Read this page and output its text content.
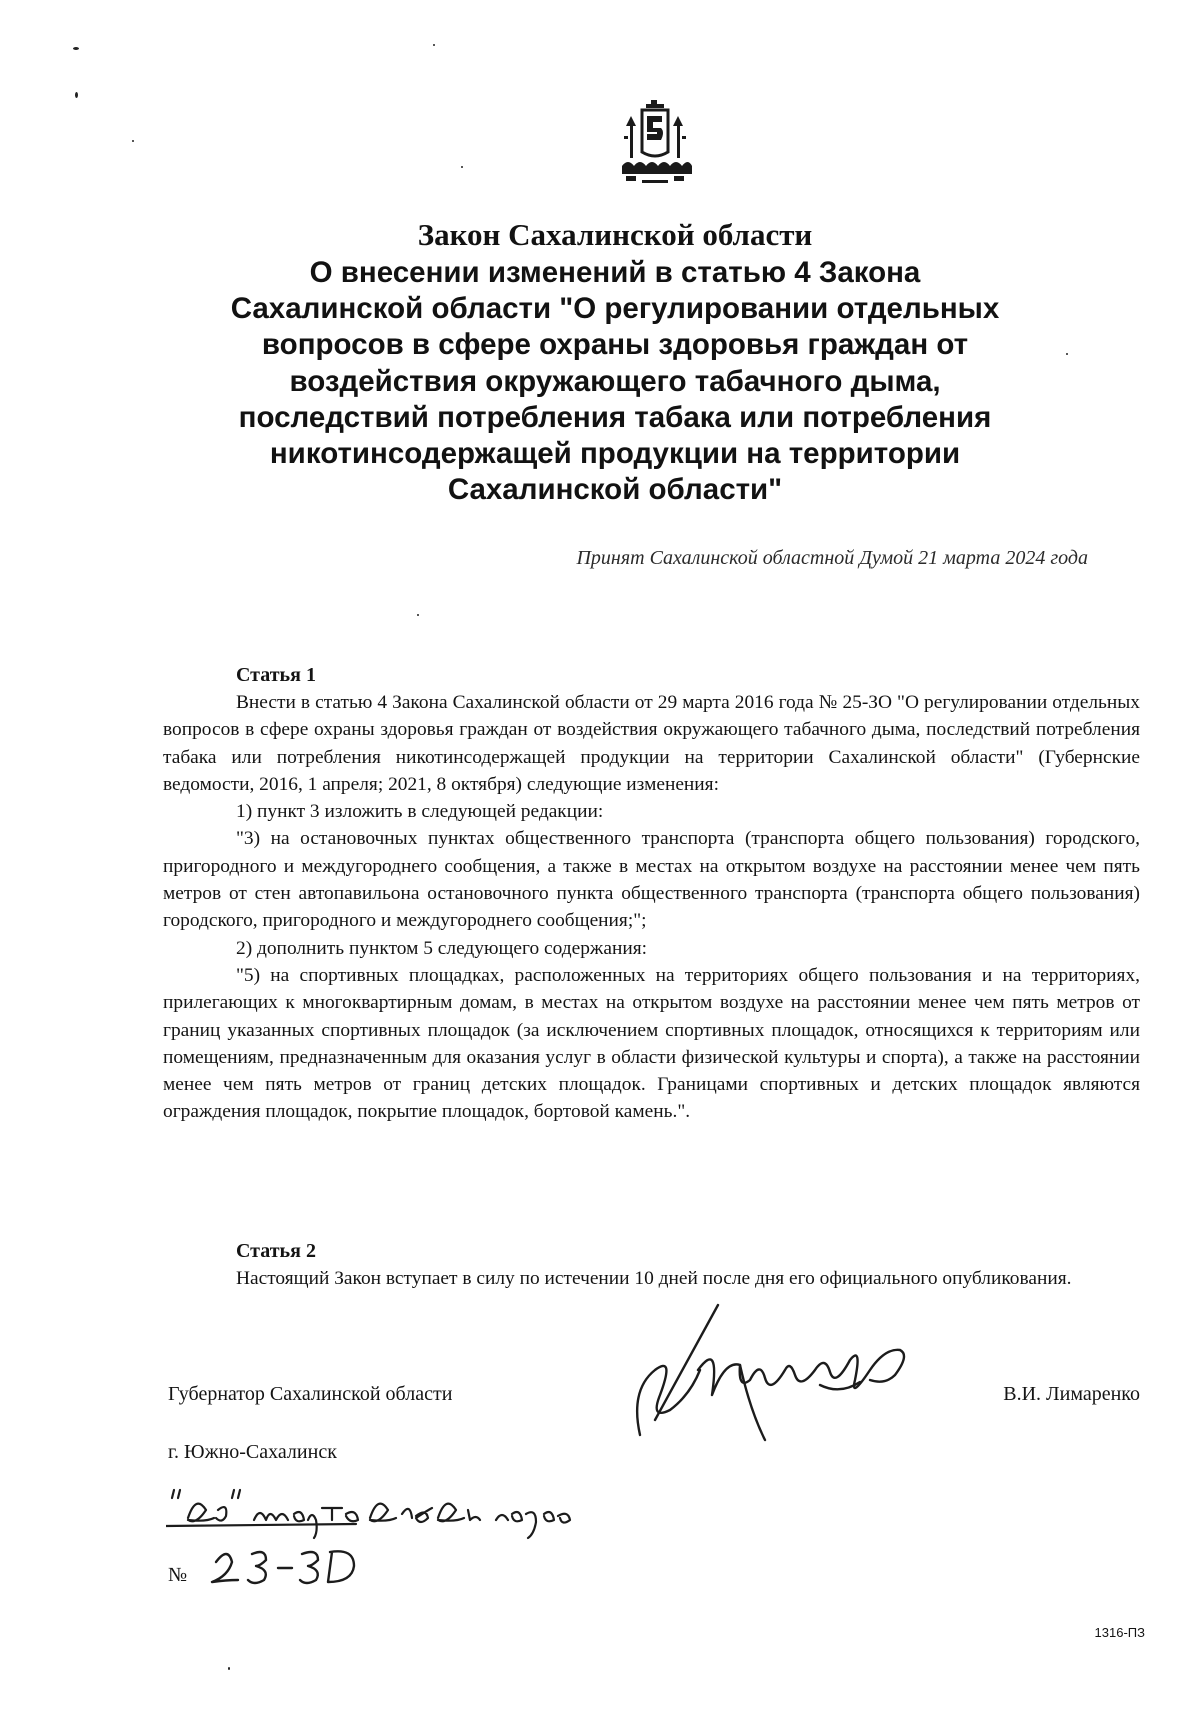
Закон Сахалинской области
О внесении изменений в статью 4 Закона
Сахалинской области "О регулировании отдельных
вопросов в сфере охраны здоровья граждан от
воздействия окружающего табачного дыма,
последствий потребления табака или потребления
никотинсодержащей продукции на территории
Сахалинской области"
Принят Сахалинской областной Думой 21 марта 2024 года
Статья 1

Внести в статью 4 Закона Сахалинской области от 29 марта 2016 года № 25-ЗО "О регулировании отдельных вопросов в сфере охраны здоровья граждан от воздействия окружающего табачного дыма, последствий потребления табака или потребления никотинсодержащей продукции на территории Сахалинской области" (Губернские ведомости, 2016, 1 апреля; 2021, 8 октября) следующие изменения:

1) пункт 3 изложить в следующей редакции:

"3) на остановочных пунктах общественного транспорта (транспорта общего пользования) городского, пригородного и междугороднего сообщения, а также в местах на открытом воздухе на расстоянии менее чем пять метров от стен автопавильона остановочного пункта общественного транспорта (транспорта общего пользования) городского, пригородного и междугороднего сообщения;";

2) дополнить пунктом 5 следующего содержания:

"5) на спортивных площадках, расположенных на территориях общего пользования и на территориях, прилегающих к многоквартирным домам, в местах на открытом воздухе на расстоянии менее чем пять метров от границ указанных спортивных площадок (за исключением спортивных площадок, относящихся к территориям или помещениям, предназначенным для оказания услуг в области физической культуры и спорта), а также на расстоянии менее чем пять метров от границ детских площадок. Границами спортивных и детских площадок являются ограждения площадок, покрытие площадок, бортовой камень.".

Статья 2

Настоящий Закон вступает в силу по истечении 10 дней после дня его официального опубликования.

Губернатор Сахалинской области	В.И. Лимаренко
г. Южно-Сахалинск
№
1316-ПЗ
